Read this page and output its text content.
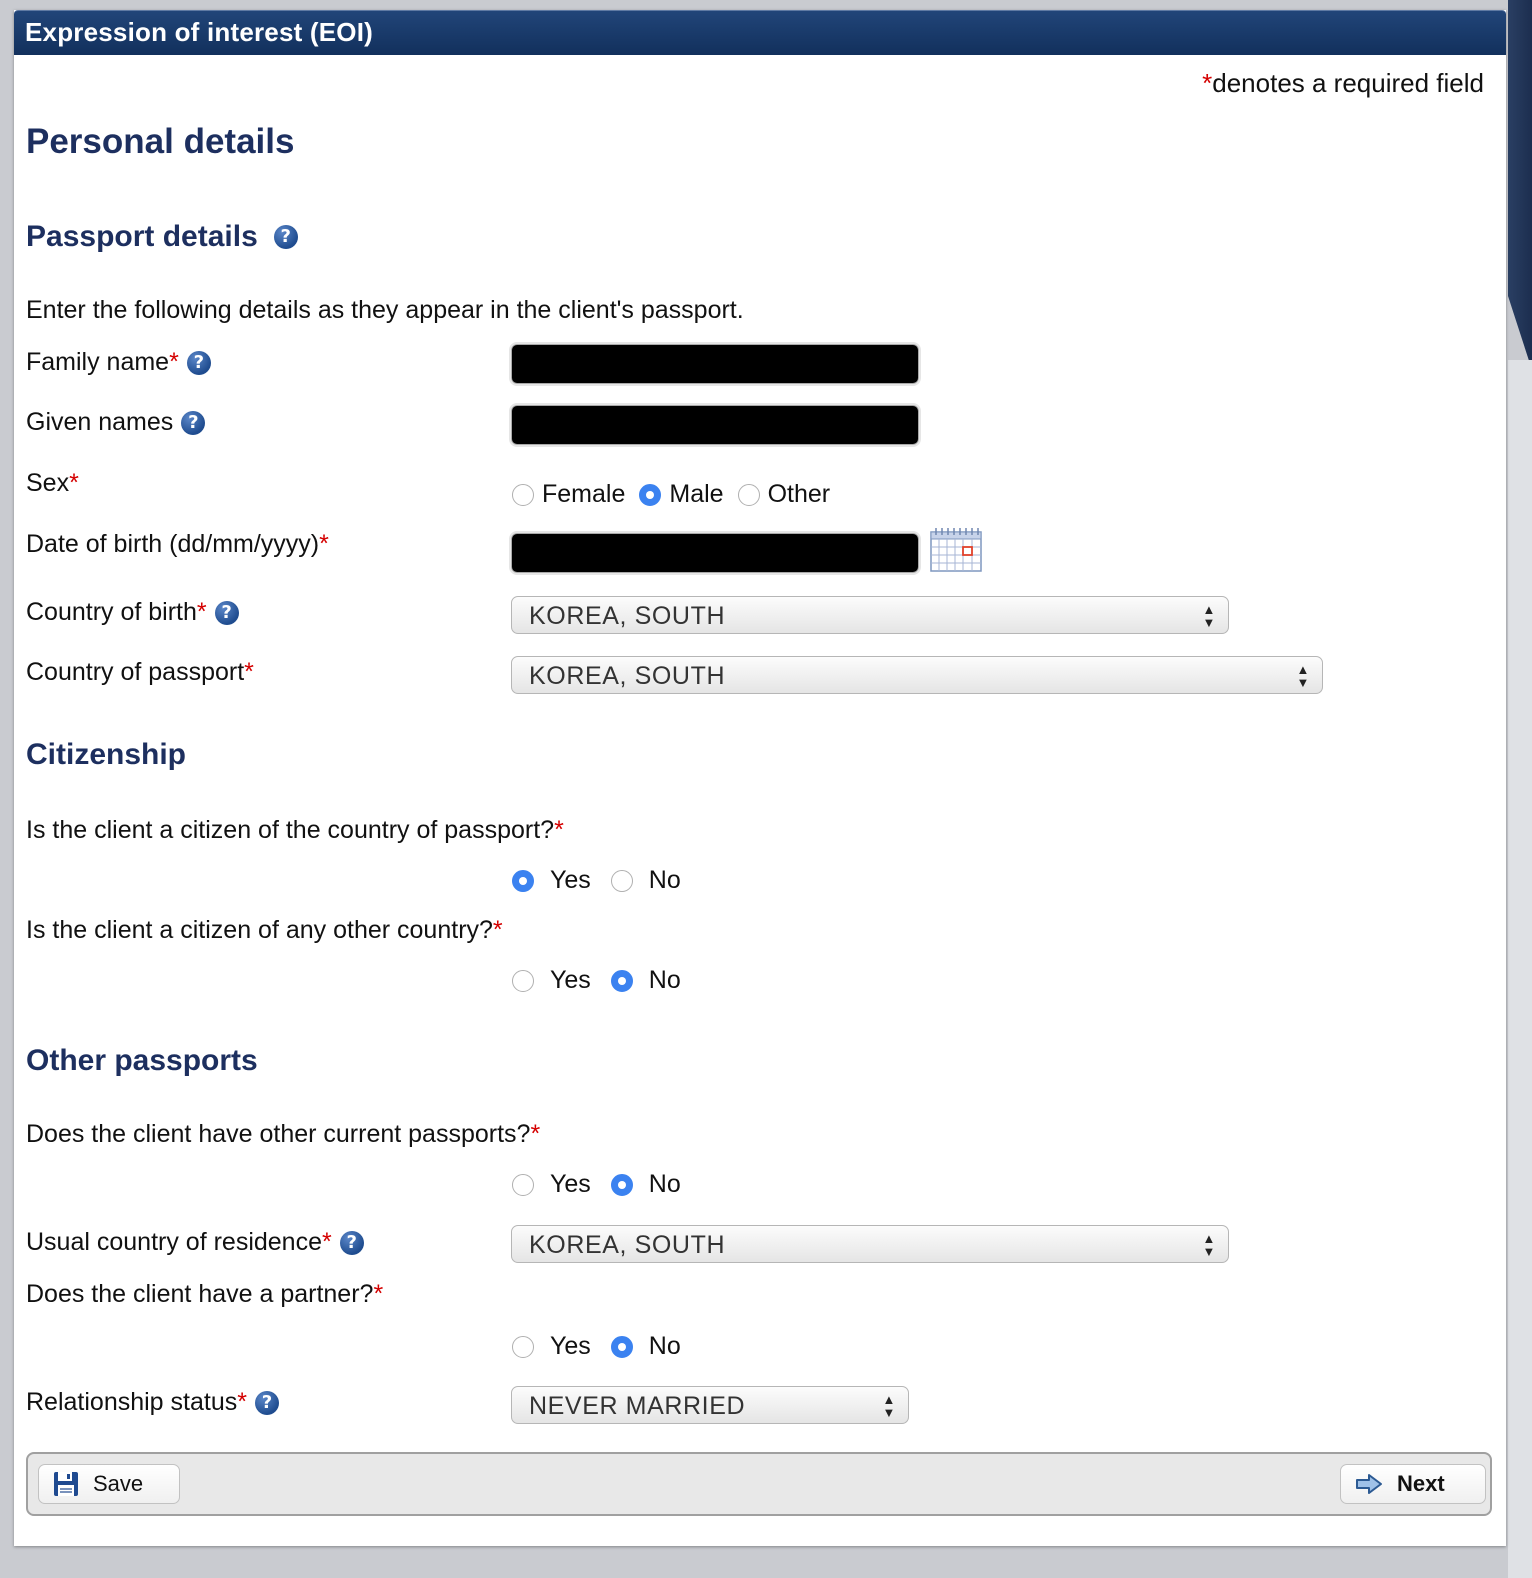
Expression of interest (EOI)
*denotes a required field
Personal details
Passport details	?
Enter the following details as they appear in the client's passport.
Family name * ?
Given names ?
Sex *	Female Male Other
Date of birth (dd/mm/yyyy) *
Country of birth * ?	KOREA, SOUTH	▲
▼
Country of passport *	KOREA, SOUTH	▲
▼
Citizenship
Is the client a citizen of the country of passport? *
Yes No
Is the client a citizen of any other country? *
Yes No
Other passports
Does the client have other current passports? *
Yes No
Usual country of residence * ?	KOREA, SOUTH	▲
▼
Does the client have a partner? *
Yes No
Relationship status * ?	NEVER MARRIED	▲
▼
Save	Next
